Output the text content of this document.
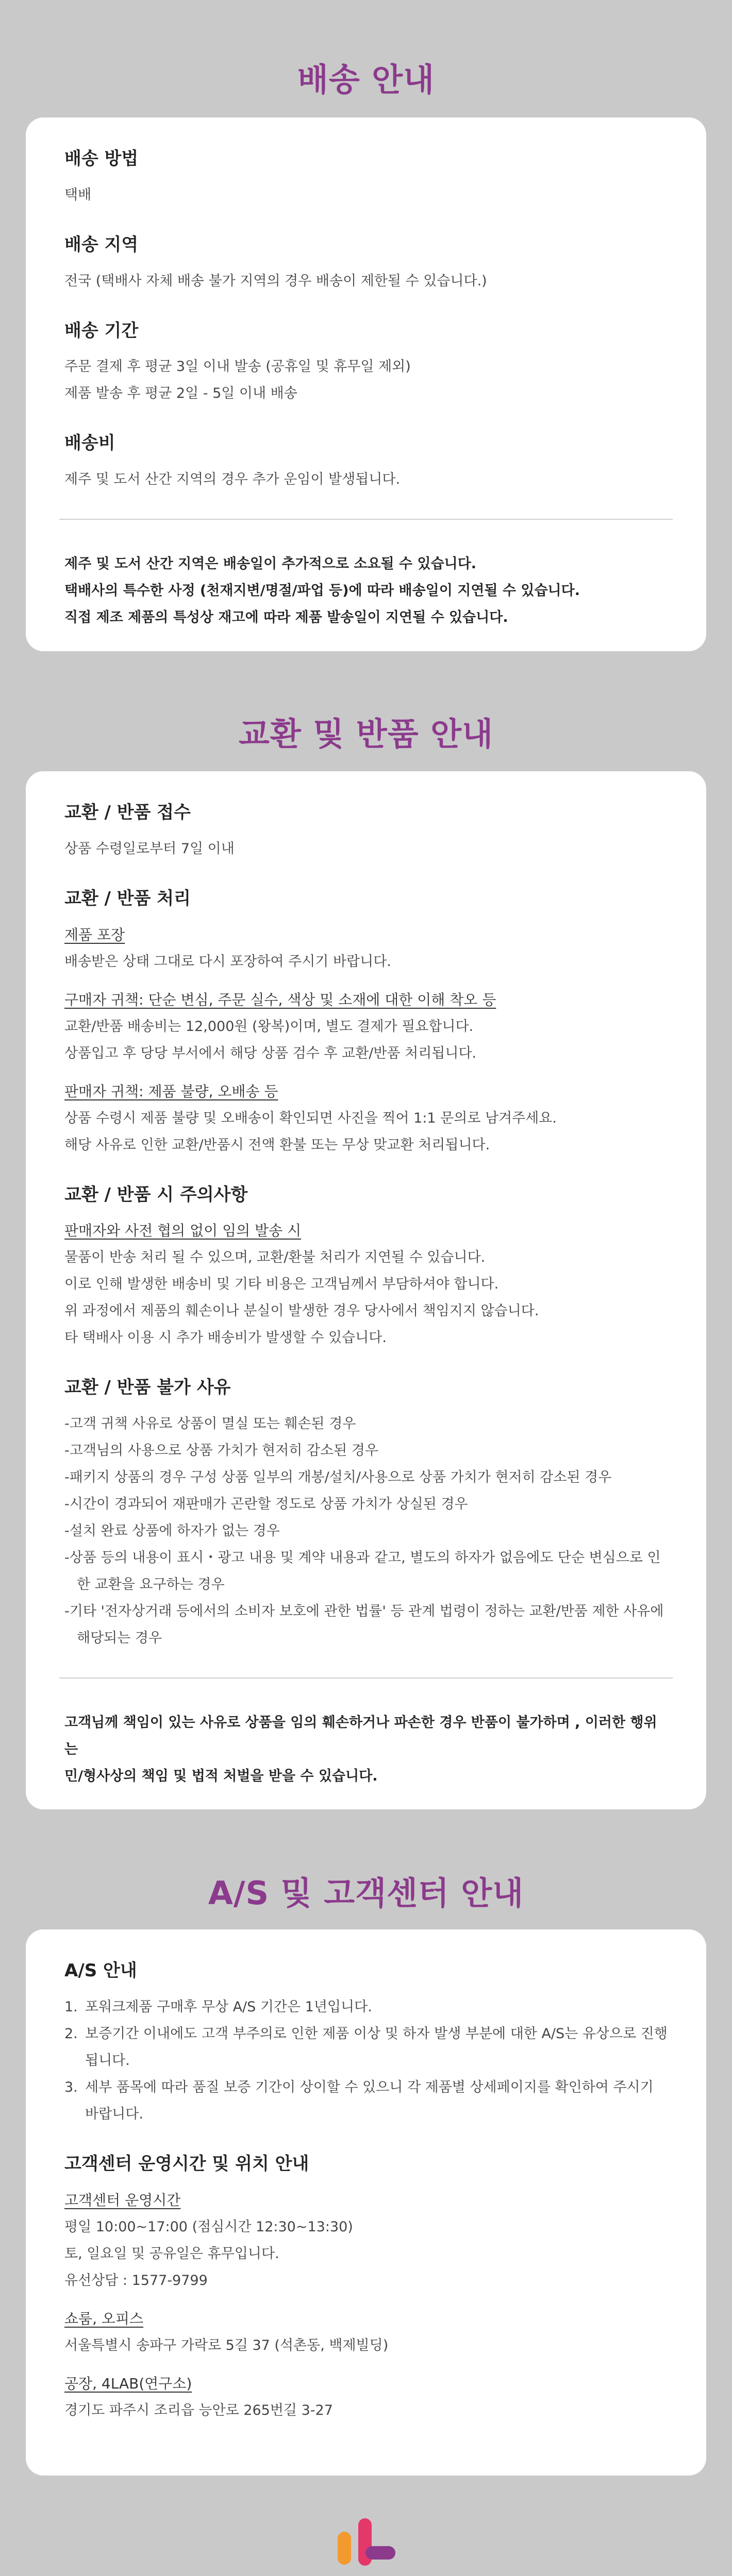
배송 안내

배송 방법

택배

배송 지역

전국 (택배사 자체 배송 불가 지역의 경우 배송이 제한될 수 있습니다.)

배송 기간

주문 결제 후 평균 3일 이내 발송 (공휴일 및 휴무일 제외)

제품 발송 후 평균 2일 - 5일 이내 배송

배송비

제주 및 도서 산간 지역의 경우 추가 운임이 발생됩니다.

제주 및 도서 산간 지역은 배송일이 추가적으로 소요될 수 있습니다.

택배사의 특수한 사정 (천재지변/명절/파업 등)에 따라 배송일이 지연될 수 있습니다.

직접 제조 제품의 특성상 재고에 따라 제품 발송일이 지연될 수 있습니다.

교환 및 반품 안내

교환 / 반품 접수

상품 수령일로부터 7일 이내

교환 / 반품 처리

제품 포장

배송받은 상태 그대로 다시 포장하여 주시기 바랍니다.

구매자 귀책: 단순 변심, 주문 실수, 색상 및 소재에 대한 이해 착오 등

교환/반품 배송비는 12,000원 (왕복)이며, 별도 결제가 필요합니다.

상품입고 후 당당 부서에서 해당 상품 검수 후 교환/반품 처리됩니다.

판매자 귀책: 제품 불량, 오배송 등

상품 수령시 제품 불량 및 오배송이 확인되면 사진을 찍어 1:1 문의로 남겨주세요.

해당 사유로 인한 교환/반품시 전액 환불 또는 무상 맞교환 처리됩니다.

교환 / 반품 시 주의사항

판매자와 사전 협의 없이 임의 발송 시

물품이 반송 처리 될 수 있으며, 교환/환불 처리가 지연될 수 있습니다.

이로 인해 발생한 배송비 및 기타 비용은 고객님께서 부담하셔야 합니다.

위 과정에서 제품의 훼손이나 분실이 발생한 경우 당사에서 책임지지 않습니다.

타 택배사 이용 시 추가 배송비가 발생할 수 있습니다.

교환 / 반품 불가 사유

-고객 귀책 사유로 상품이 멸실 또는 훼손된 경우
-고객님의 사용으로 상품 가치가 현저히 감소된 경우
-패키지 상품의 경우 구성 상품 일부의 개봉/설치/사용으로 상품 가치가 현저히 감소된 경우
-시간이 경과되어 재판매가 곤란할 정도로 상품 가치가 상실된 경우
-설치 완료 상품에 하자가 없는 경우
-상품 등의 내용이 표시・광고 내용 및 계약 내용과 같고, 별도의 하자가 없음에도 단순 변심으로 인한 교환을 요구하는 경우
-기타 '전자상거래 등에서의 소비자 보호에 관한 법률' 등 관계 법령이 정하는 교환/반품 제한 사유에 해당되는 경우

고객님께 책임이 있는 사유로 상품을 임의 훼손하거나 파손한 경우 반품이 불가하며 , 이러한 행위는

민/형사상의 책임 및 법적 처벌을 받을 수 있습니다.

A/S 및 고객센터 안내

A/S 안내

1. 포워크제품 구매후 무상 A/S 기간은 1년입니다.
2. 보증기간 이내에도 고객 부주의로 인한 제품 이상 및 하자 발생 부분에 대한 A/S는 유상으로 진행됩니다.
3. 세부 품목에 따라 품질 보증 기간이 상이할 수 있으니 각 제품별 상세페이지를 확인하여 주시기 바랍니다.

고객센터 운영시간 및 위치 안내

고객센터 운영시간

평일 10:00~17:00 (점심시간 12:30~13:30)

토, 일요일 및 공유일은 휴무입니다.

유선상담 : 1577-9799

쇼룸, 오피스

서울특별시 송파구 가락로 5길 37 (석촌동, 백제빌딩)

공장, 4LAB(연구소)

경기도 파주시 조리읍 능안로 265번길 3-27
